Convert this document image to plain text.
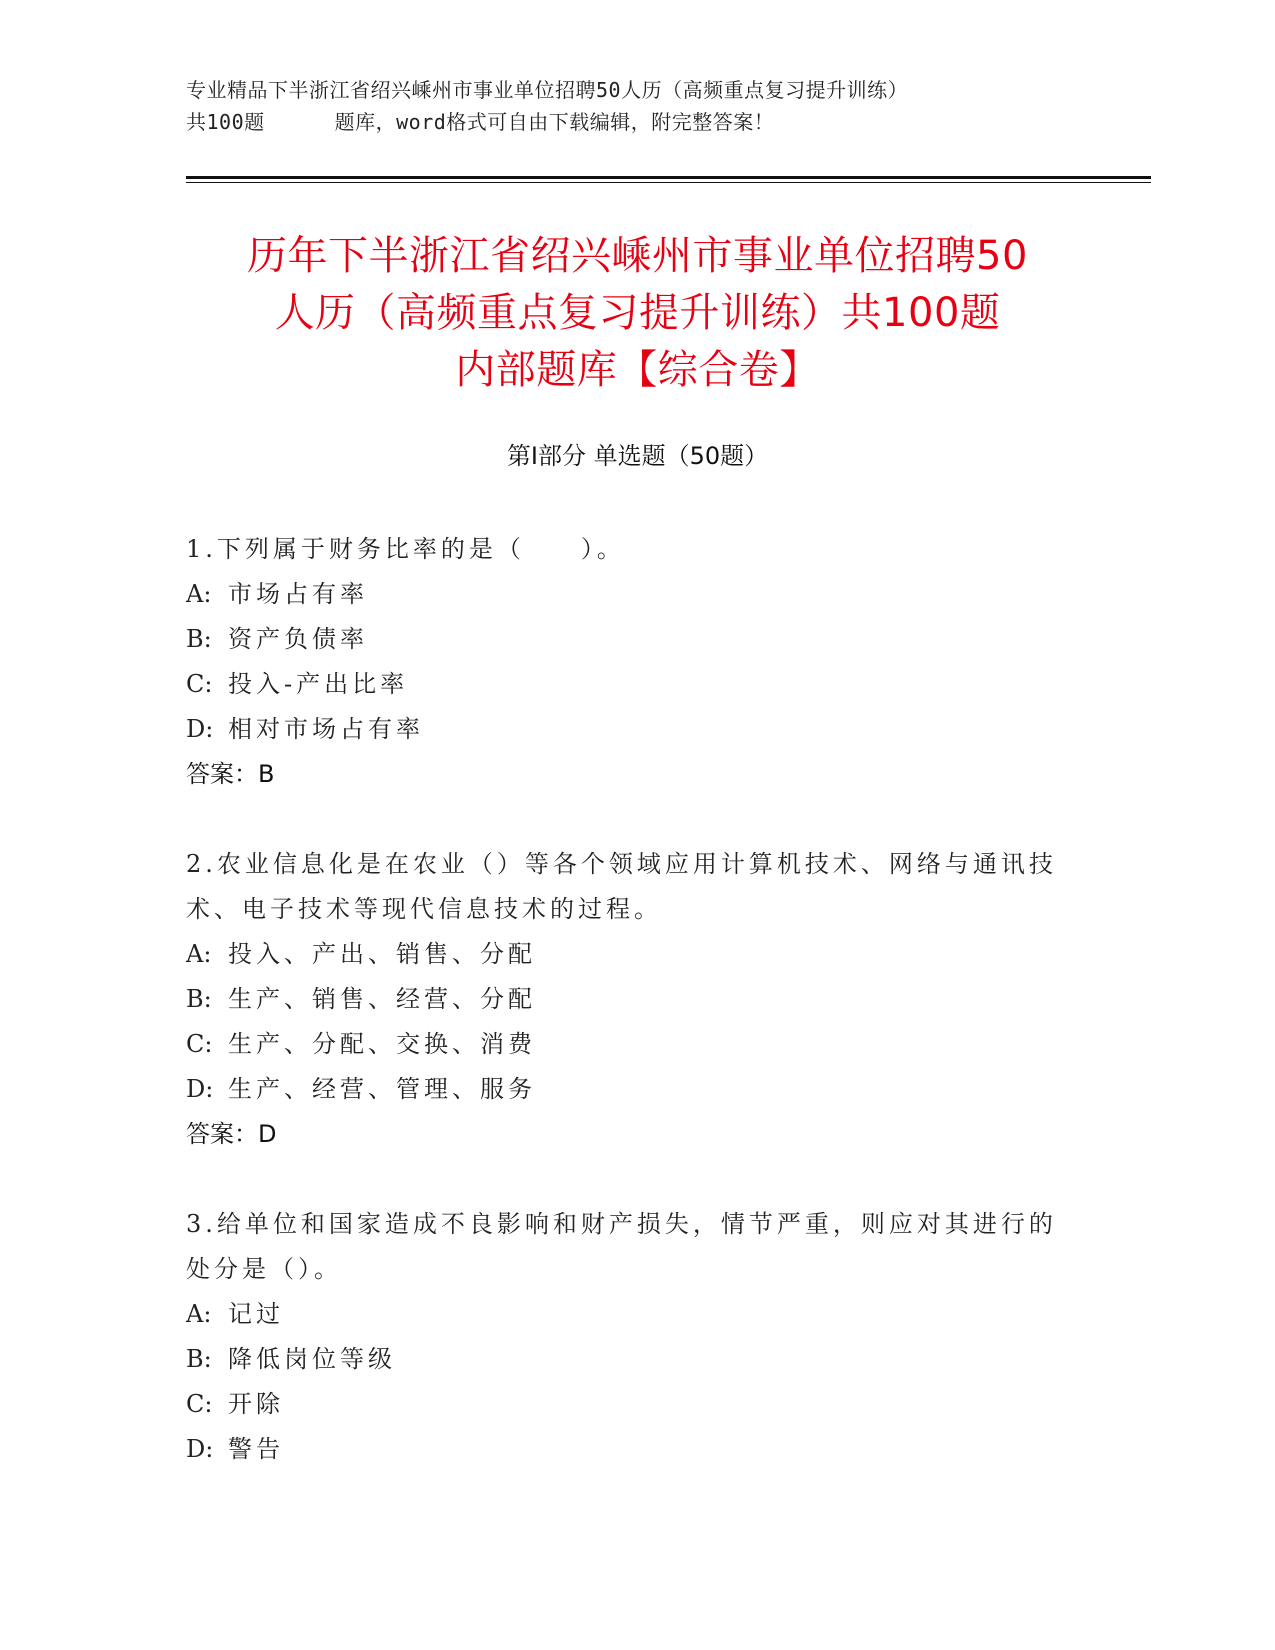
专业精品下半浙江省绍兴嵊州市事业单位招聘50人历（高频重点复习提升训练）
共100题	题库，word格式可自由下载编辑，附完整答案！
历年下半浙江省绍兴嵊州市事业单位招聘50
人历（高频重点复习提升训练）共100题
内部题库【综合卷】
第Ⅰ部分 单选题（50题）
1.下列属于财务比率的是（　　）。
A: 市场占有率
B: 资产负债率
C: 投入-产出比率
D: 相对市场占有率
答案：B
2.农业信息化是在农业（）等各个领域应用计算机技术、网络与通讯技术、电子技术等现代信息技术的过程。
A: 投入、产出、销售、分配
B: 生产、销售、经营、分配
C: 生产、分配、交换、消费
D: 生产、经营、管理、服务
答案：D
3.给单位和国家造成不良影响和财产损失，情节严重，则应对其进行的处分是（）。
A: 记过
B: 降低岗位等级
C: 开除
D: 警告
